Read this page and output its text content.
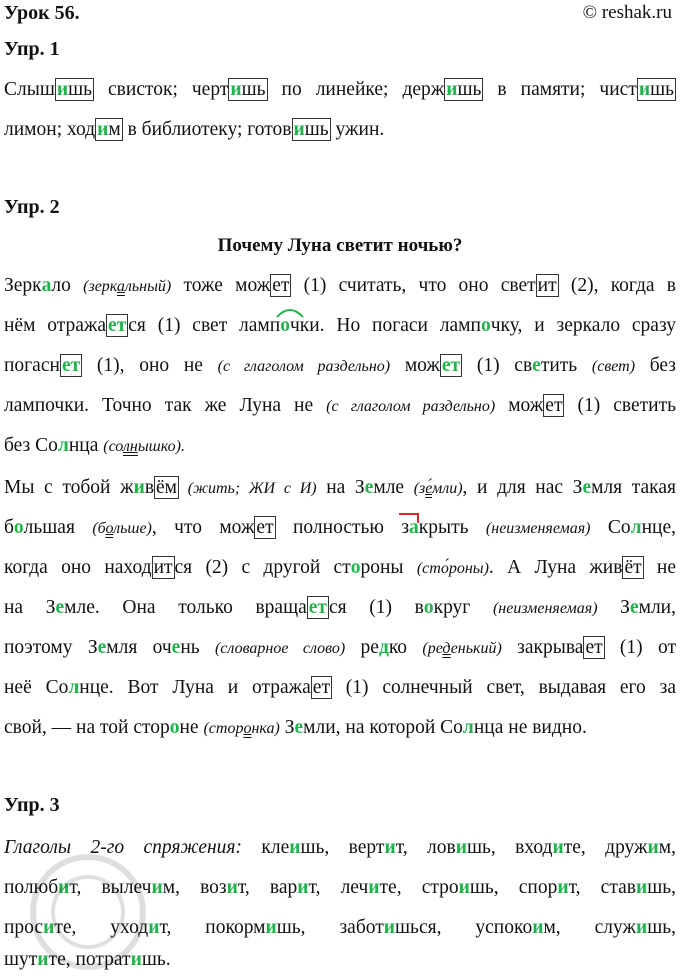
Урок 56.	© reshak.ru
Упр. 1
Слыш ишь свисток; черт ишь по линейке; держ ишь в памяти; чист ишь
лимон; ход им в библиотеку; готов ишь ужин.
Упр. 2
Почему Луна светит ночью?
Зеркало (зеркальный) тоже мож ет (1) считать, что оно свет ит (2), когда в
нём отража ет ся (1) свет лампочки. Но погаси лампочку, и зеркало сразу
погасн ет (1), оно не (с глаголом раздельно) мож ет (1) светить (свет) без
лампочки. Точно так же Луна не (с глаголом раздельно) мож ет (1) светить
без Солнца (солнышко).
Мы с тобой жив ём (жить; ЖИ с И) на Земле (зе́мли), и для нас Земля такая
большая (больше), что мож ет полностью закрыть (неизменяемая) Солнце,
когда оно наход ит ся (2) с другой стороны (сто́роны). А Луна жив ёт не
на Земле. Она только враща ет ся (1) вокруг (неизменяемая) Земли,
поэтому Земля очень (словарное слово) редко (реденький) закрыва ет (1) от
неё Солнце. Вот Луна и отража ет (1) солнечный свет, выдавая его за
свой, — на той стороне (сторонка) Земли, на которой Солнца не видно.
Упр. 3
Глаголы 2-го спряжения: клеишь, вертит, ловишь, входите, дружим,
полюбит, вылечим, возит, варит, лечите, строишь, спорит, ставишь,
просите, уходит, покормишь, заботишься, успокоим, служишь,
шутите, потратишь.
